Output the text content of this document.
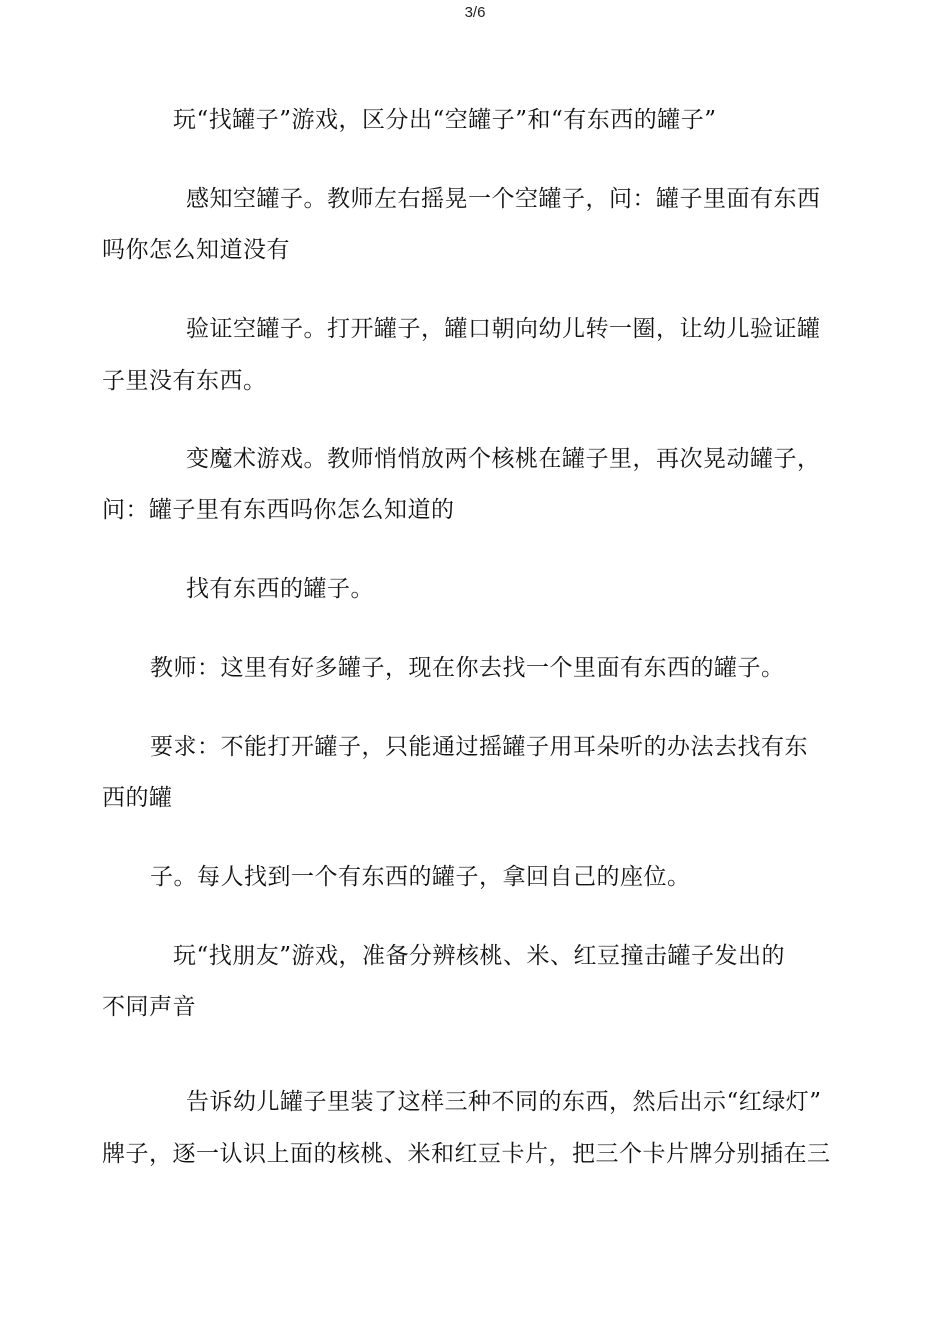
3/6
玩“找罐子”游戏，区分出“空罐子”和“有东西的罐子”
感知空罐子。教师左右摇晃一个空罐子，问：罐子里面有东西
吗你怎么知道没有
验证空罐子。打开罐子，罐口朝向幼儿转一圈，让幼儿验证罐
子里没有东西。
变魔术游戏。教师悄悄放两个核桃在罐子里，再次晃动罐子，
问：罐子里有东西吗你怎么知道的
找有东西的罐子。
教师：这里有好多罐子，现在你去找一个里面有东西的罐子。
要求：不能打开罐子，只能通过摇罐子用耳朵听的办法去找有东
西的罐
子。每人找到一个有东西的罐子，拿回自己的座位。
玩“找朋友”游戏，准备分辨核桃、米、红豆撞击罐子发出的
不同声音
告诉幼儿罐子里装了这样三种不同的东西，然后出示“红绿灯”
牌子，逐一认识上面的核桃、米和红豆卡片，把三个卡片牌分别插在三
